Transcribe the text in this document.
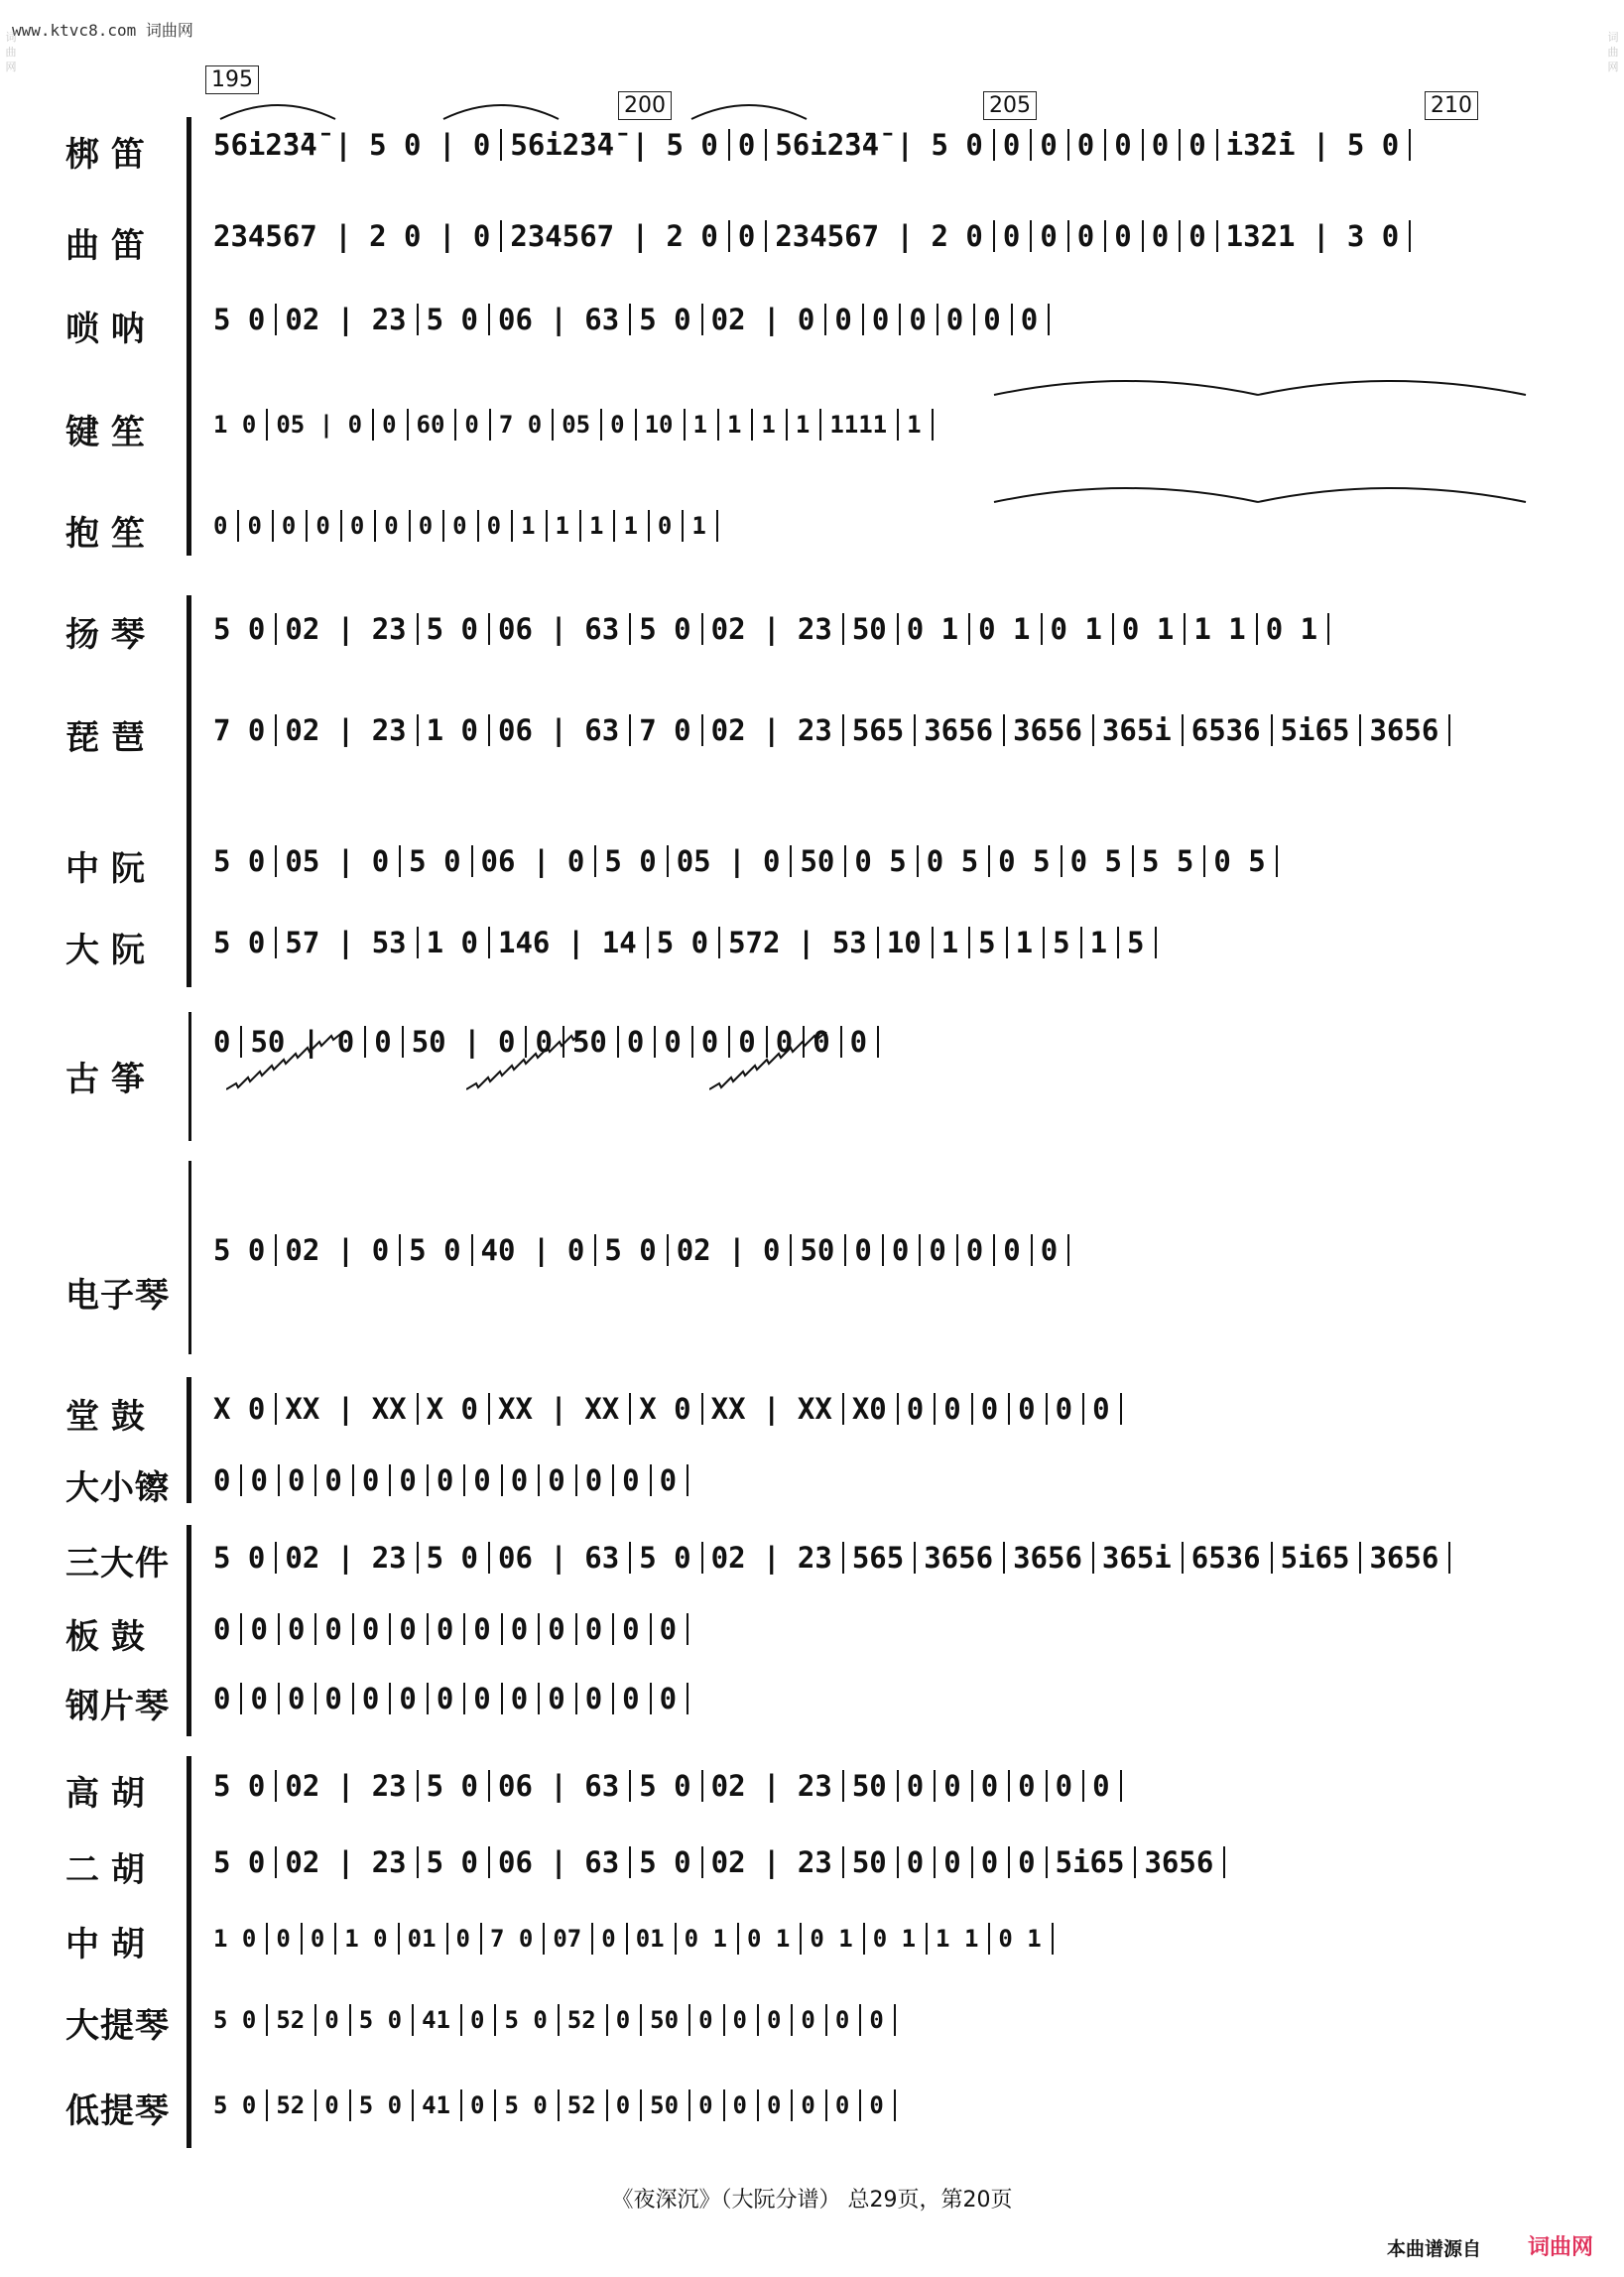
www.ktvc8.com 词曲网
词曲网
词曲网
195
200	205	210
梆 笛
曲 笛
唢 呐
键 笙
抱 笙
扬 琴
琵 琶
中 阮
大 阮
古 筝
电子琴
堂 鼓
大小镲
三大件
板 鼓
钢片琴
高 胡
二 胡
中 胡
大提琴
低提琴
56i2̄3̄4̄ | 5 0 | 0 56i2̄3̄4̄ | 5 0 0 56i2̄3̄4̄ | 5 0 0 0 0 0 0 0 i3̄2̄i | 5 0
234567 | 2 0 | 0 234567 | 2 0 0 234567 | 2 0 0 0 0 0 0 0 1321 | 3 0
5 0 02 | 23 5 0 06 | 63 5 0 02 | 0 0 0 0 0 0 0
1 0 05 | 0 0 60 0 7 0 05 0 10 1 1 1 1 1111 1
0 0 0 0 0 0 0 0 0 1 1 1 1 0 1
5 0 02 | 23 5 0 06 | 63 5 0 02 | 23 50 0 1 0 1 0 1 0 1 1 1 0 1
7 0 02 | 23 1 0 06 | 63 7 0 02 | 23 565 3656 3656 365i 6536 5i65 3656
5 0 05 | 0 5 0 06 | 0 5 0 05 | 0 50 0 5 0 5 0 5 0 5 5 5 0 5
5 0 57 | 53 1 0 146 | 14 5 0 572 | 53 10 1 5 1 5 1 5
0 50 | 0 0 50 | 0 0 50 0 0 0 0 0 0 0
5 0 02 | 0 5 0 40 | 0 5 0 02 | 0 50 0 0 0 0 0 0
X 0 XX | XX X 0 XX | XX X 0 XX | XX X0 0 0 0 0 0 0
0 0 0 0 0 0 0 0 0 0 0 0 0
5 0 02 | 23 5 0 06 | 63 5 0 02 | 23 565 3656 3656 365i 6536 5i65 3656
0 0 0 0 0 0 0 0 0 0 0 0 0
0 0 0 0 0 0 0 0 0 0 0 0 0
5 0 02 | 23 5 0 06 | 63 5 0 02 | 23 50 0 0 0 0 0 0
5 0 02 | 23 5 0 06 | 63 5 0 02 | 23 50 0 0 0 0 5i65 3656
1 0 0 0 1 0 01 0 7 0 07 0 01 0 1 0 1 0 1 0 1 1 1 0 1
5 0 52 0 5 0 41 0 5 0 52 0 50 0 0 0 0 0 0
5 0 52 0 5 0 41 0 5 0 52 0 50 0 0 0 0 0 0
《夜深沉》（大阮分谱） 总29页，第20页
本曲谱源自 词曲网
